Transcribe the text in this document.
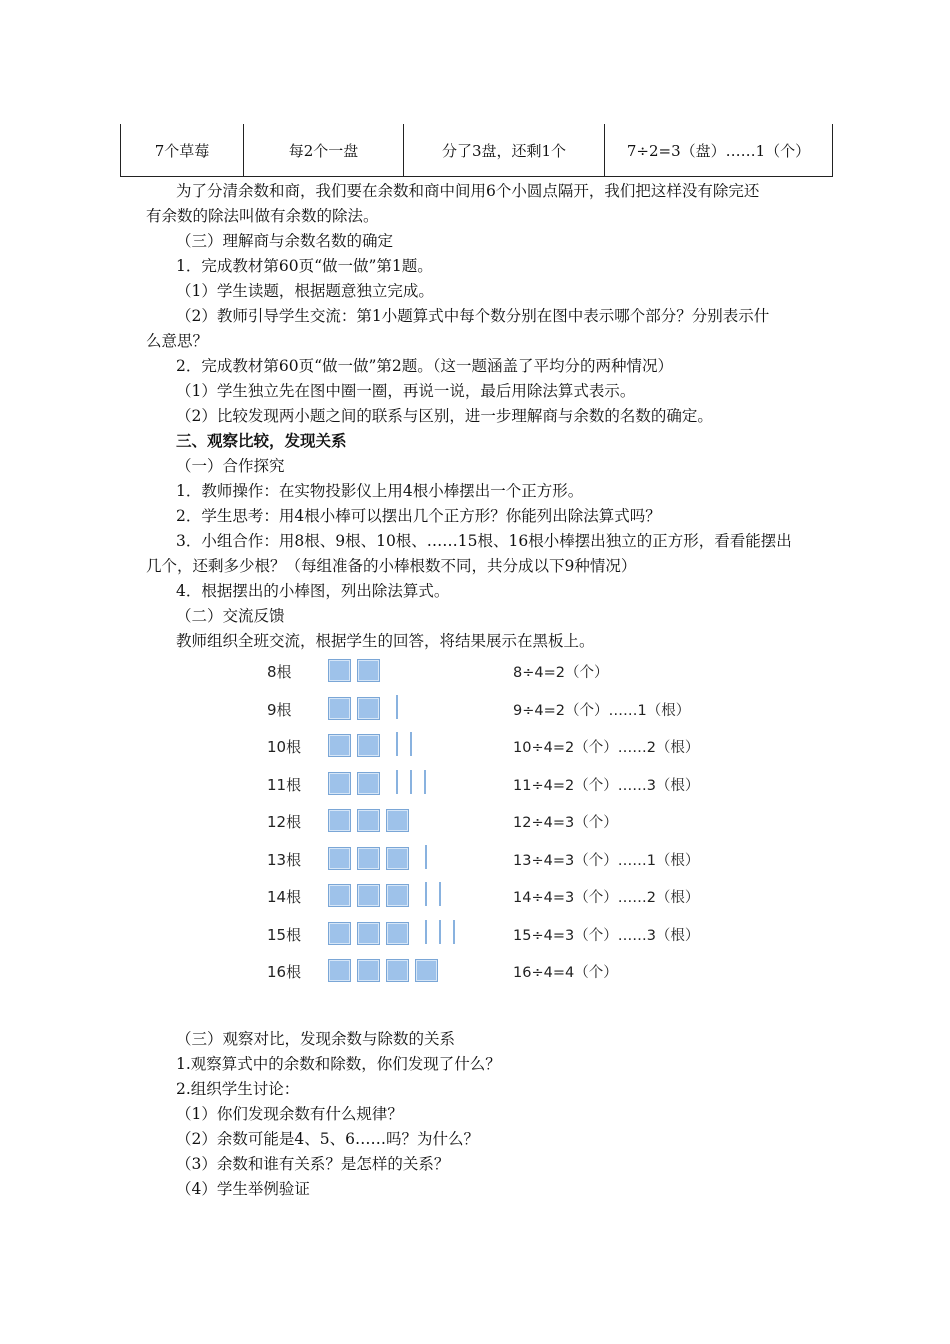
7个草莓	每2个一盘	分了3盘，还剩1个	7÷2=3（盘）……1（个）
为了分清余数和商，我们要在余数和商中间用6个小圆点隔开，我们把这样没有除完还
有余数的除法叫做有余数的除法。
（三）理解商与余数名数的确定
1．完成教材第60页“做一做”第1题。
（1）学生读题，根据题意独立完成。
（2）教师引导学生交流：第1小题算式中每个数分别在图中表示哪个部分？分别表示什
么意思？
2．完成教材第60页“做一做”第2题。（这一题涵盖了平均分的两种情况）
（1）学生独立先在图中圈一圈，再说一说，最后用除法算式表示。
（2）比较发现两小题之间的联系与区别，进一步理解商与余数的名数的确定。
三、观察比较，发现关系
（一）合作探究
1．教师操作：在实物投影仪上用4根小棒摆出一个正方形。
2．学生思考：用4根小棒可以摆出几个正方形？你能列出除法算式吗？
3．小组合作：用8根、9根、10根、……15根、16根小棒摆出独立的正方形，看看能摆出
几个，还剩多少根？（每组准备的小棒根数不同，共分成以下9种情况）
4．根据摆出的小棒图，列出除法算式。
（二）交流反馈
教师组织全班交流，根据学生的回答，将结果展示在黑板上。
（三）观察对比，发现余数与除数的关系
1.观察算式中的余数和除数，你们发现了什么？
2.组织学生讨论：
（1）你们发现余数有什么规律？
（2）余数可能是4、5、6……吗？为什么？
（3）余数和谁有关系？是怎样的关系？
（4）学生举例验证
8根	8÷4=2（个）
9根	9÷4=2（个）……1（根）
10根	10÷4=2（个）……2（根）
11根	11÷4=2（个）……3（根）
12根	12÷4=3（个）
13根	13÷4=3（个）……1（根）
14根	14÷4=3（个）……2（根）
15根	15÷4=3（个）……3（根）
16根	16÷4=4（个）
